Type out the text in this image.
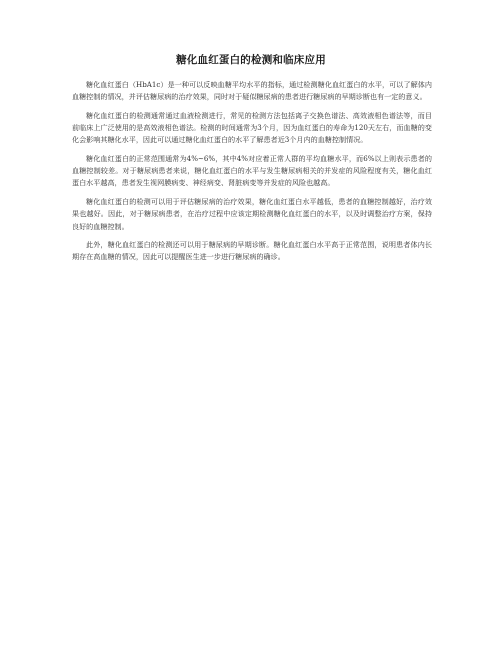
糖化血红蛋白的检测和临床应用

糖化血红蛋白（HbA1c）是一种可以反映血糖平均水平的指标，通过检测糖化血红蛋白的水平，可以了解体内血糖控制的情况，并评估糖尿病的治疗效果，同时对于疑似糖尿病的患者进行糖尿病的早期诊断也有一定的意义。

糖化血红蛋白的检测通常通过血液检测进行，常见的检测方法包括离子交换色谱法、高效液相色谱法等，而目前临床上广泛使用的是高效液相色谱法。检测的时间通常为3个月，因为血红蛋白的寿命为120天左右，而血糖的变化会影响其糖化水平，因此可以通过糖化血红蛋白的水平了解患者近3个月内的血糖控制情况。

糖化血红蛋白的正常范围通常为4%~6%，其中4%对应着正常人群的平均血糖水平，而6%以上则表示患者的血糖控制较差。对于糖尿病患者来说，糖化血红蛋白的水平与发生糖尿病相关的并发症的风险程度有关，糖化血红蛋白水平越高，患者发生视网膜病变、神经病变、肾脏病变等并发症的风险也越高。

糖化血红蛋白的检测可以用于评估糖尿病的治疗效果，糖化血红蛋白水平越低，患者的血糖控制越好，治疗效果也越好。因此，对于糖尿病患者，在治疗过程中应该定期检测糖化血红蛋白的水平，以及时调整治疗方案，保持良好的血糖控制。

此外，糖化血红蛋白的检测还可以用于糖尿病的早期诊断。糖化血红蛋白水平高于正常范围，说明患者体内长期存在高血糖的情况，因此可以提醒医生进一步进行糖尿病的确诊。
